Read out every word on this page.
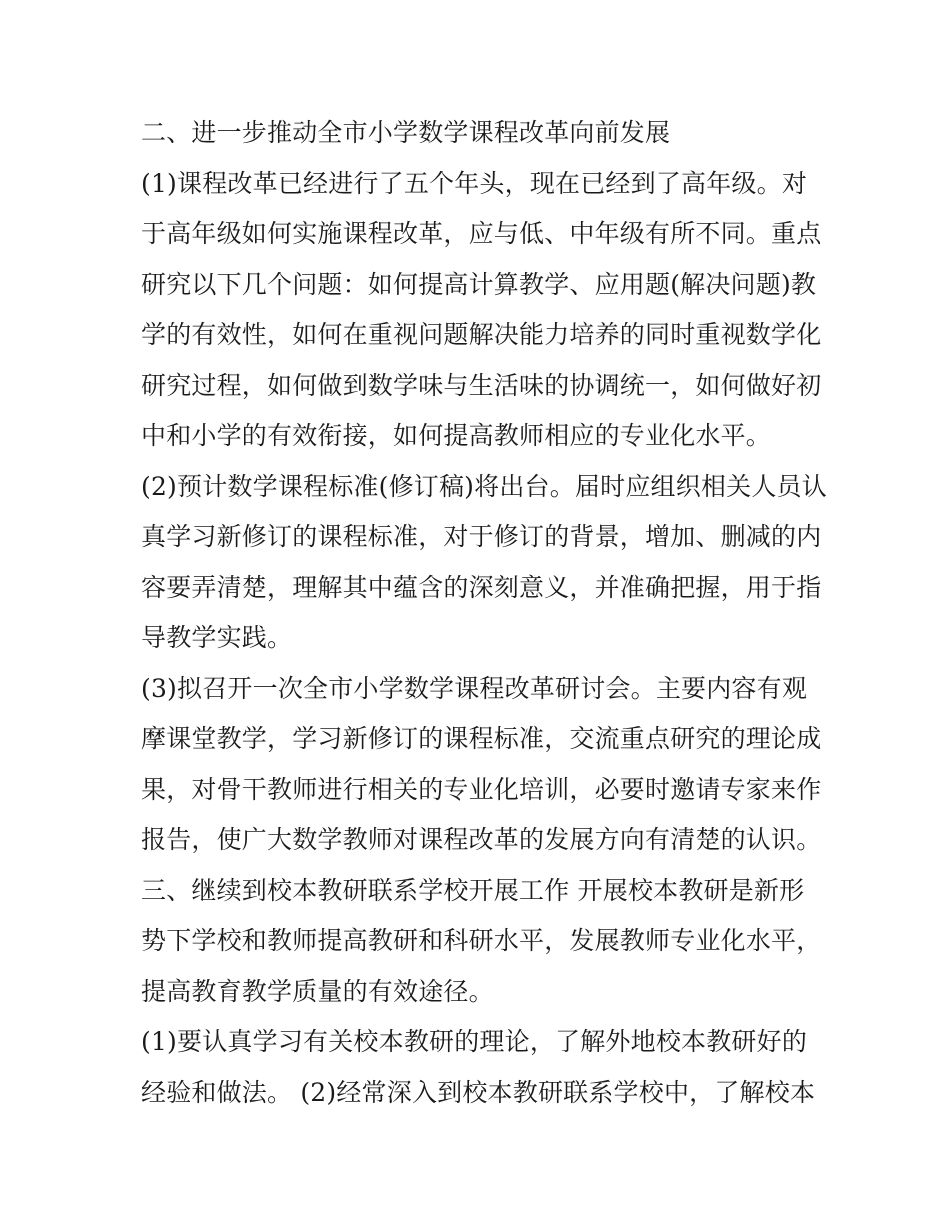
二、进一步推动全市小学数学课程改革向前发展
(1)课程改革已经进行了五个年头，现在已经到了高年级。对
于高年级如何实施课程改革，应与低、中年级有所不同。重点
研究以下几个问题：如何提高计算教学、应用题(解决问题)教
学的有效性，如何在重视问题解决能力培养的同时重视数学化
研究过程，如何做到数学味与生活味的协调统一，如何做好初
中和小学的有效衔接，如何提高教师相应的专业化水平。
(2)预计数学课程标准(修订稿)将出台。届时应组织相关人员认
真学习新修订的课程标准，对于修订的背景，增加、删减的内
容要弄清楚，理解其中蕴含的深刻意义，并准确把握，用于指
导教学实践。
(3)拟召开一次全市小学数学课程改革研讨会。主要内容有观
摩课堂教学，学习新修订的课程标准，交流重点研究的理论成
果，对骨干教师进行相关的专业化培训，必要时邀请专家来作
报告，使广大数学教师对课程改革的发展方向有清楚的认识。
三、继续到校本教研联系学校开展工作 开展校本教研是新形
势下学校和教师提高教研和科研水平，发展教师专业化水平，
提高教育教学质量的有效途径。
(1)要认真学习有关校本教研的理论，了解外地校本教研好的
经验和做法。 (2)经常深入到校本教研联系学校中，了解校本
